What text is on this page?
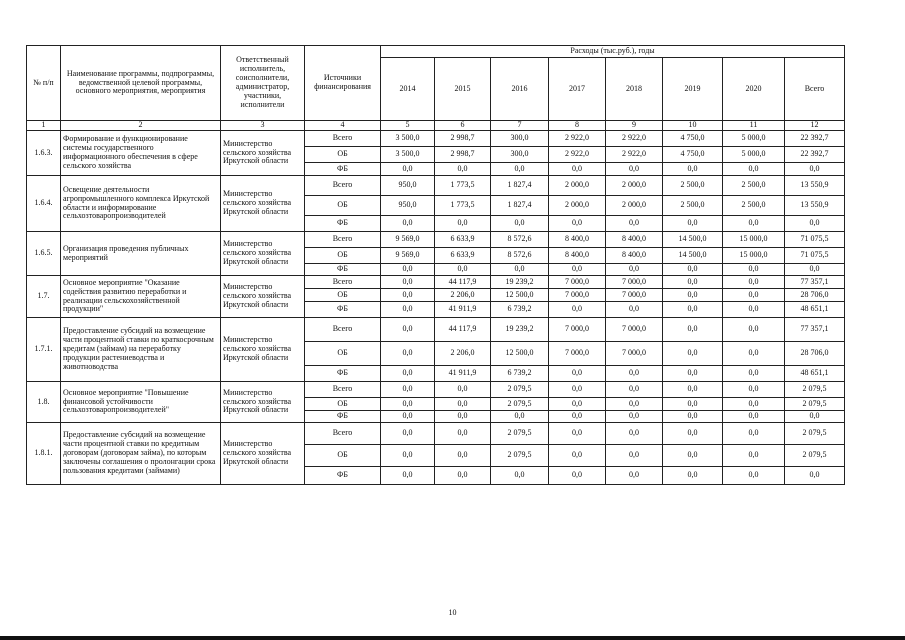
№ п/п	Наименование программы, подпрограммы, ведомственной целевой программы, основного мероприятия, мероприятия	Ответственный исполнитель, соисполнители, администратор, участники, исполнители	Источники финансирования	Расходы (тыс.руб.), годы							
				2014	2015	2016	2017	2018	2019	2020	Всего
1	2	3	4	5	6	7	8	9	10	11	12
1.6.3.	Формирование и функционирование системы государственного информационного обеспечения в сфере сельского хозяйства	Министерство сельского хозяйства Иркутской области	Всего	3 500,0	2 998,7	300,0	2 922,0	2 922,0	4 750,0	5 000,0	22 392,7
			ОБ	3 500,0	2 998,7	300,0	2 922,0	2 922,0	4 750,0	5 000,0	22 392,7
			ФБ	0,0	0,0	0,0	0,0	0,0	0,0	0,0	0,0
1.6.4.	Освещение деятельности агропромышленного комплекса Иркутской области и информирование сельхозтоваропроизводителей	Министерство сельского хозяйства Иркутской области	Всего	950,0	1 773,5	1 827,4	2 000,0	2 000,0	2 500,0	2 500,0	13 550,9
			ОБ	950,0	1 773,5	1 827,4	2 000,0	2 000,0	2 500,0	2 500,0	13 550,9
			ФБ	0,0	0,0	0,0	0,0	0,0	0,0	0,0	0,0
1.6.5.	Организация проведения публичных мероприятий	Министерство сельского хозяйства Иркутской области	Всего	9 569,0	6 633,9	8 572,6	8 400,0	8 400,0	14 500,0	15 000,0	71 075,5
			ОБ	9 569,0	6 633,9	8 572,6	8 400,0	8 400,0	14 500,0	15 000,0	71 075,5
			ФБ	0,0	0,0	0,0	0,0	0,0	0,0	0,0	0,0
1.7.	Основное мероприятие "Оказание содействия развитию переработки и реализации сельскохозяйственной продукции"	Министерство сельского хозяйства Иркутской области	Всего	0,0	44 117,9	19 239,2	7 000,0	7 000,0	0,0	0,0	77 357,1
			ОБ	0,0	2 206,0	12 500,0	7 000,0	7 000,0	0,0	0,0	28 706,0
			ФБ	0,0	41 911,9	6 739,2	0,0	0,0	0,0	0,0	48 651,1
1.7.1.	Предоставление субсидий на возмещение части процентной ставки по краткосрочным кредитам (займам) на переработку продукции растениеводства и животноводства	Министерство сельского хозяйства Иркутской области	Всего	0,0	44 117,9	19 239,2	7 000,0	7 000,0	0,0	0,0	77 357,1
			ОБ	0,0	2 206,0	12 500,0	7 000,0	7 000,0	0,0	0,0	28 706,0
			ФБ	0,0	41 911,9	6 739,2	0,0	0,0	0,0	0,0	48 651,1
1.8.	Основное мероприятие "Повышение финансовой устойчивости сельхозтоваропроизводителей"	Министерство сельского хозяйства Иркутской области	Всего	0,0	0,0	2 079,5	0,0	0,0	0,0	0,0	2 079,5
			ОБ	0,0	0,0	2 079,5	0,0	0,0	0,0	0,0	2 079,5
			ФБ	0,0	0,0	0,0	0,0	0,0	0,0	0,0	0,0
1.8.1.	Предоставление субсидий на возмещение части процентной ставки по кредитным договорам (договорам займа), по которым заключены соглашения о пролонгации срока пользования кредитами (займами)	Министерство сельского хозяйства Иркутской области	Всего	0,0	0,0	2 079,5	0,0	0,0	0,0	0,0	2 079,5
			ОБ	0,0	0,0	2 079,5	0,0	0,0	0,0	0,0	2 079,5
			ФБ	0,0	0,0	0,0	0,0	0,0	0,0	0,0	0,0
10
